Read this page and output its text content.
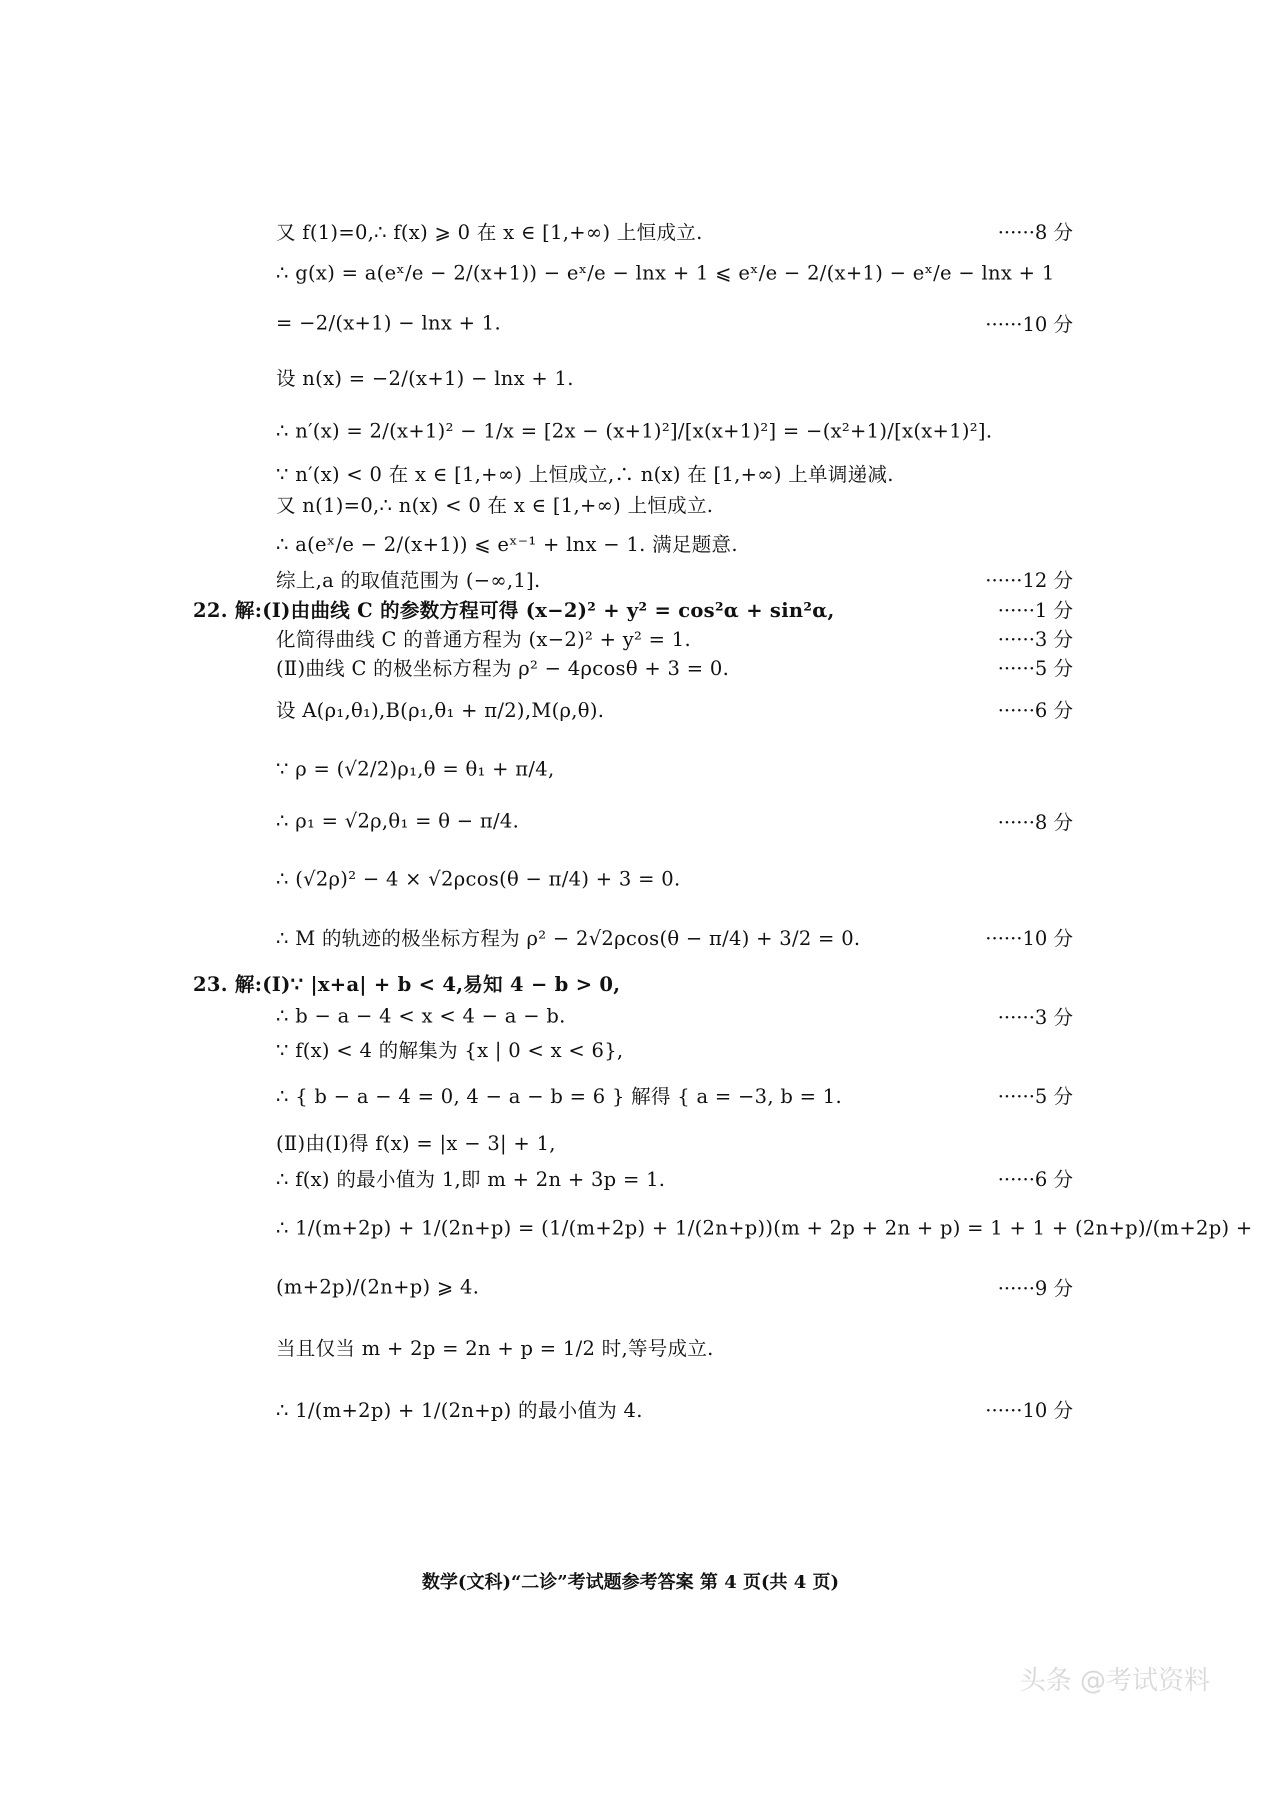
又 f(1)=0,∴ f(x) ⩾ 0 在 x ∈ [1,+∞) 上恒成立.	······8 分
∴ g(x) = a(eˣ/e − 2/(x+1)) − eˣ/e − lnx + 1 ⩽ eˣ/e − 2/(x+1) − eˣ/e − lnx + 1
= −2/(x+1) − lnx + 1.	······10 分
设 n(x) = −2/(x+1) − lnx + 1.
∴ n′(x) = 2/(x+1)² − 1/x = [2x − (x+1)²]/[x(x+1)²] = −(x²+1)/[x(x+1)²].
∵ n′(x) < 0 在 x ∈ [1,+∞) 上恒成立,∴ n(x) 在 [1,+∞) 上单调递减.
又 n(1)=0,∴ n(x) < 0 在 x ∈ [1,+∞) 上恒成立.
∴ a(eˣ/e − 2/(x+1)) ⩽ eˣ⁻¹ + lnx − 1. 满足题意.
综上,a 的取值范围为 (−∞,1].	······12 分
22. 解:(Ⅰ)由曲线 C 的参数方程可得 (x−2)² + y² = cos²α + sin²α,	······1 分
化简得曲线 C 的普通方程为 (x−2)² + y² = 1.	······3 分
(Ⅱ)曲线 C 的极坐标方程为 ρ² − 4ρcosθ + 3 = 0.	······5 分
设 A(ρ₁,θ₁),B(ρ₁,θ₁ + π/2),M(ρ,θ).	······6 分
∵ ρ = (√2/2)ρ₁,θ = θ₁ + π/4,
∴ ρ₁ = √2ρ,θ₁ = θ − π/4.	······8 分
∴ (√2ρ)² − 4 × √2ρcos(θ − π/4) + 3 = 0.
∴ M 的轨迹的极坐标方程为 ρ² − 2√2ρcos(θ − π/4) + 3/2 = 0.	······10 分
23. 解:(Ⅰ)∵ |x+a| + b < 4,易知 4 − b > 0,
∴ b − a − 4 < x < 4 − a − b.	······3 分
∵ f(x) < 4 的解集为 {x | 0 < x < 6},
∴ { b − a − 4 = 0, 4 − a − b = 6 } 解得 { a = −3, b = 1.	······5 分
(Ⅱ)由(Ⅰ)得 f(x) = |x − 3| + 1,
∴ f(x) 的最小值为 1,即 m + 2n + 3p = 1.	······6 分
∴ 1/(m+2p) + 1/(2n+p) = (1/(m+2p) + 1/(2n+p))(m + 2p + 2n + p) = 1 + 1 + (2n+p)/(m+2p) +
(m+2p)/(2n+p) ⩾ 4.	······9 分
当且仅当 m + 2p = 2n + p = 1/2 时,等号成立.
∴ 1/(m+2p) + 1/(2n+p) 的最小值为 4.	······10 分
数学(文科)“二诊”考试题参考答案 第 4 页(共 4 页)
头条 @考试资料
